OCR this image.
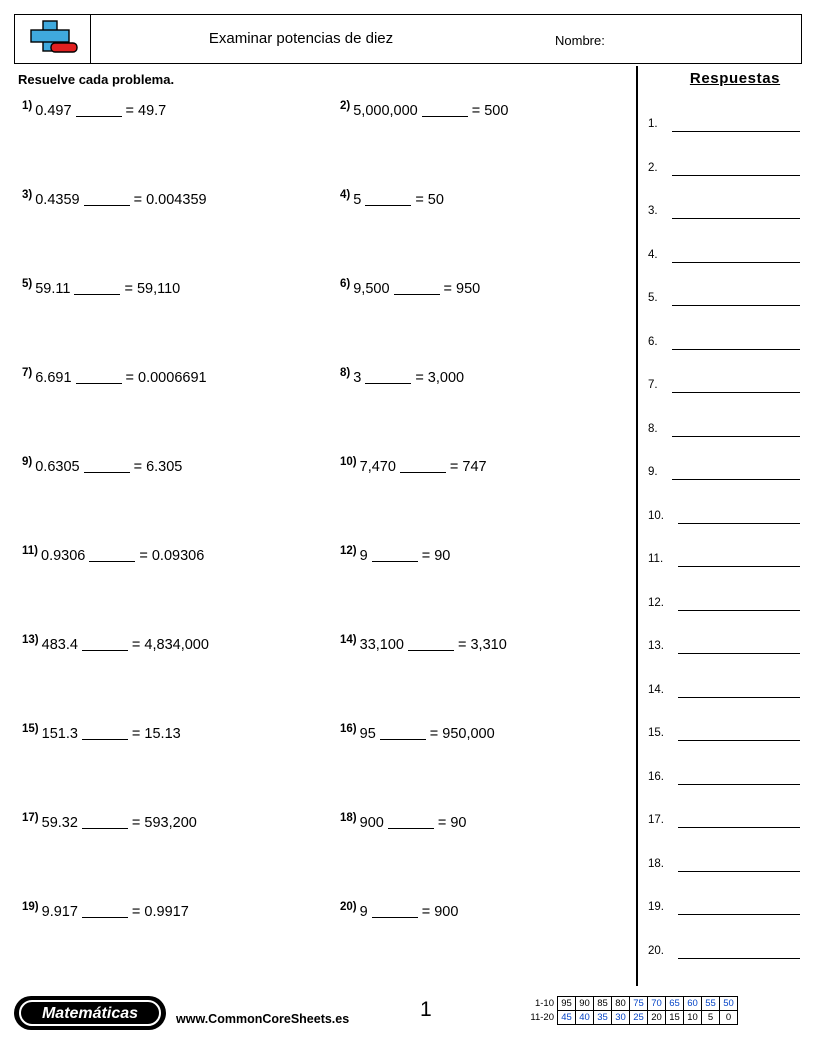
Examinar potencias de diez	Nombre:
Resuelve cada problema.
$^{1)}$ 0.497	= 49.7	$^{2)}$ 5,000,000	= 500
$^{3)}$ 0.4359	= 0.004359	$^{4)}$ 5	= 50
$^{5)}$ 59.11	= 59,110	$^{6)}$ 9,500	= 950
$^{7)}$ 6.691	= 0.0006691	$^{8)}$ 3	= 3,000
$^{9)}$ 0.6305	= 6.305	$^{10)}$ 7,470	= 747
$^{11)}$ 0.9306	= 0.09306	$^{12)}$ 9	= 90
$^{13)}$ 483.4	= 4,834,000	$^{14)}$ 33,100	= 3,310
$^{15)}$ 151.3	= 15.13	$^{16)}$ 95	= 950,000
$^{17)}$ 59.32	= 593,200	$^{18)}$ 900	= 90
$^{19)}$ 9.917	= 0.9917	$^{20)}$ 9	= 900
Respuestas
1.
2.
3.
4.
5.
6.
7.
8.
9.
10.
11.
12.
13.
14.
15.
16.
17.
18.
19.
20.
Matemáticas	www.CommonCoreSheets.es	1	1-10	95	90	85	80	75	70	65	60	55	50
11-20	45	40	35	30	25	20	15	10	5	0
